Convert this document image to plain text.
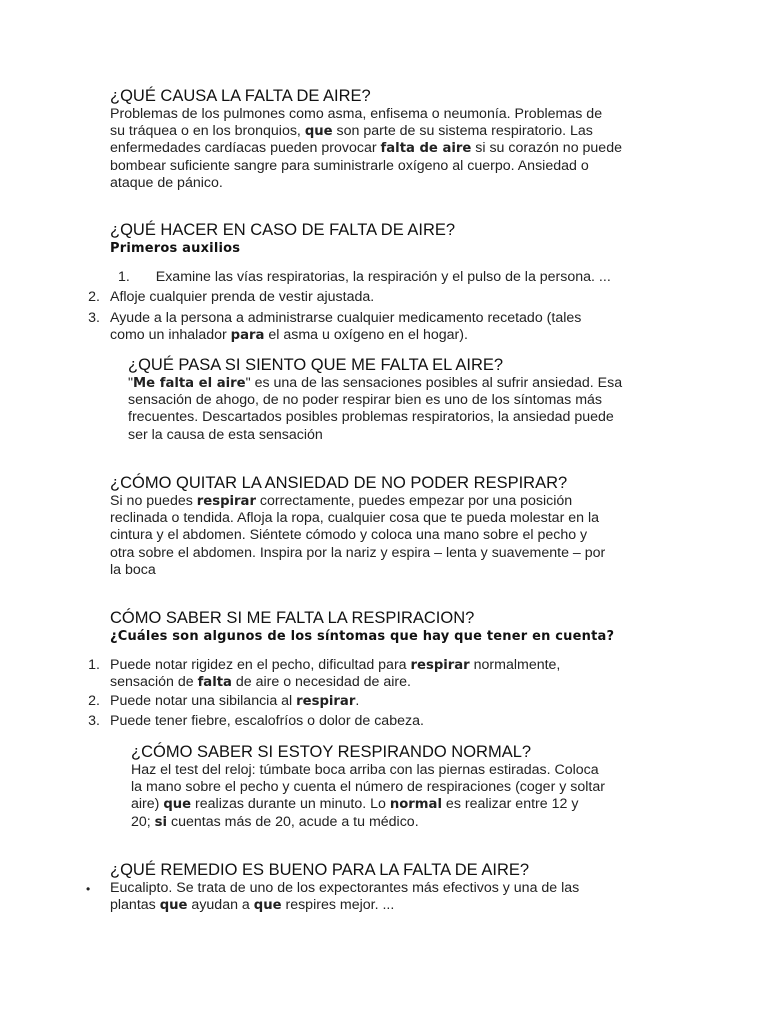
¿QUÉ CAUSA LA FALTA DE AIRE?

Problemas de los pulmones como asma, enfisema o neumonía. Problemas de
su tráquea o en los bronquios, que son parte de su sistema respiratorio. Las
enfermedades cardíacas pueden provocar falta de aire si su corazón no puede
bombear suficiente sangre para suministrarle oxígeno al cuerpo. Ansiedad o
ataque de pánico.

¿QUÉ HACER EN CASO DE FALTA DE AIRE?
Primeros auxilios
1. Examine las vías respiratorias, la respiración y el pulso de la persona. ...
2. Afloje cualquier prenda de vestir ajustada.
3. Ayude a la persona a administrarse cualquier medicamento recetado (tales
como un inhalador para el asma u oxígeno en el hogar).
¿QUÉ PASA SI SIENTO QUE ME FALTA EL AIRE?

"Me falta el aire" es una de las sensaciones posibles al sufrir ansiedad. Esa
sensación de ahogo, de no poder respirar bien es uno de los síntomas más
frecuentes. Descartados posibles problemas respiratorios, la ansiedad puede
ser la causa de esta sensación

¿CÓMO QUITAR LA ANSIEDAD DE NO PODER RESPIRAR?

Si no puedes respirar correctamente, puedes empezar por una posición
reclinada o tendida. Afloja la ropa, cualquier cosa que te pueda molestar en la
cintura y el abdomen. Siéntete cómodo y coloca una mano sobre el pecho y
otra sobre el abdomen. Inspira por la nariz y espira – lenta y suavemente – por
la boca

CÓMO SABER SI ME FALTA LA RESPIRACION?
¿Cuáles son algunos de los síntomas que hay que tener en cuenta?
1. Puede notar rigidez en el pecho, dificultad para respirar normalmente,
sensación de falta de aire o necesidad de aire.
2. Puede notar una sibilancia al respirar.
3. Puede tener fiebre, escalofríos o dolor de cabeza.
¿CÓMO SABER SI ESTOY RESPIRANDO NORMAL?

Haz el test del reloj: túmbate boca arriba con las piernas estiradas. Coloca
la mano sobre el pecho y cuenta el número de respiraciones (coger y soltar
aire) que realizas durante un minuto. Lo normal es realizar entre 12 y
20; si cuentas más de 20, acude a tu médico.

¿QUÉ REMEDIO ES BUENO PARA LA FALTA DE AIRE?
• Eucalipto. Se trata de uno de los expectorantes más efectivos y una de las
plantas que ayudan a que respires mejor. ...
